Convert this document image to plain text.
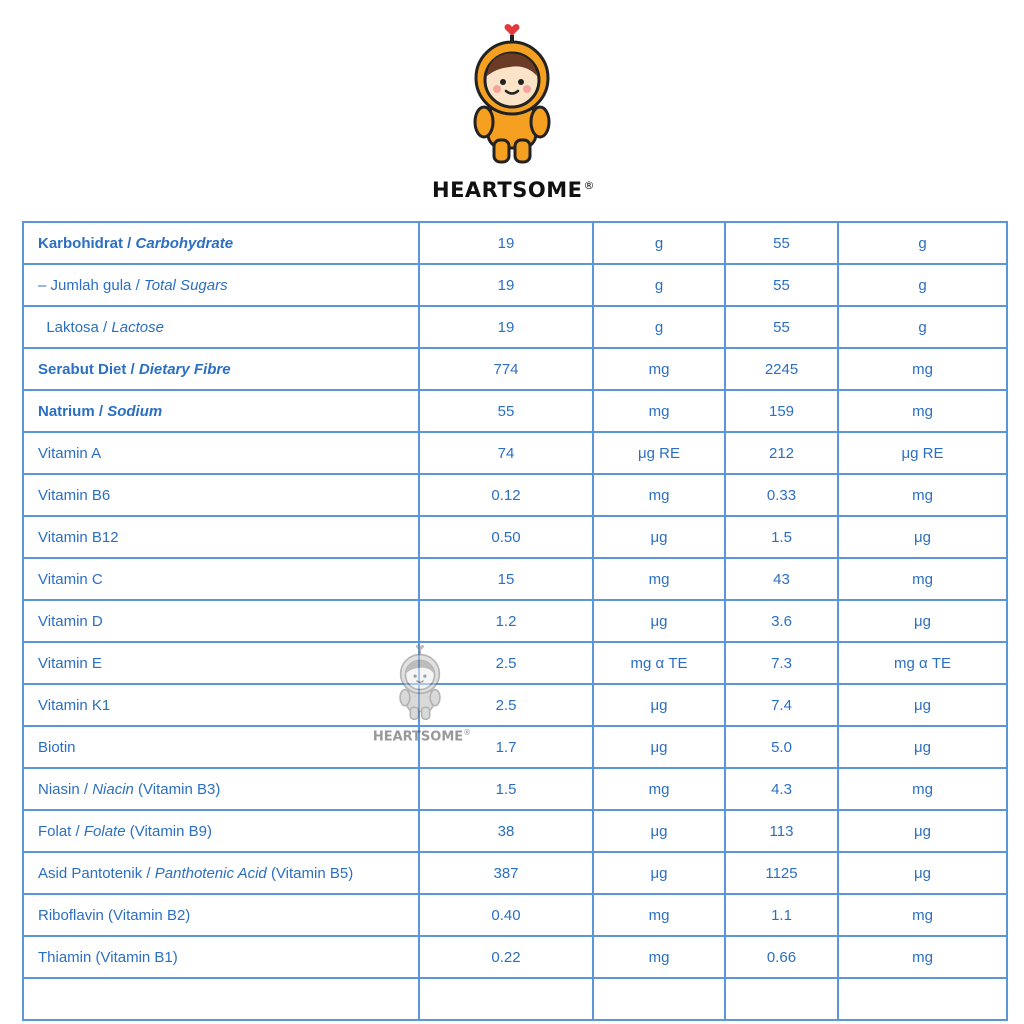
HEARTSOME®
Karbohidrat / Carbohydrate	19	g	55	g
– Jumlah gula / Total Sugars	19	g	55	g
Laktosa / Lactose	19	g	55	g
Serabut Diet / Dietary Fibre	774	mg	2245	mg
Natrium / Sodium	55	mg	159	mg
Vitamin A	74	μg RE	212	μg RE
Vitamin B6	0.12	mg	0.33	mg
Vitamin B12	0.50	μg	1.5	μg
Vitamin C	15	mg	43	mg
Vitamin D	1.2	μg	3.6	μg
Vitamin E	2.5	mg α TE	7.3	mg α TE
Vitamin K1	2.5	μg	7.4	μg
Biotin	1.7	μg	5.0	μg
Niasin / Niacin (Vitamin B3)	1.5	mg	4.3	mg
Folat / Folate (Vitamin B9)	38	μg	113	μg
Asid Pantotenik / Panthotenic Acid (Vitamin B5)	387	μg	1125	μg
Riboflavin (Vitamin B2)	0.40	mg	1.1	mg
Thiamin (Vitamin B1)	0.22	mg	0.66	mg

HEARTSOME®
